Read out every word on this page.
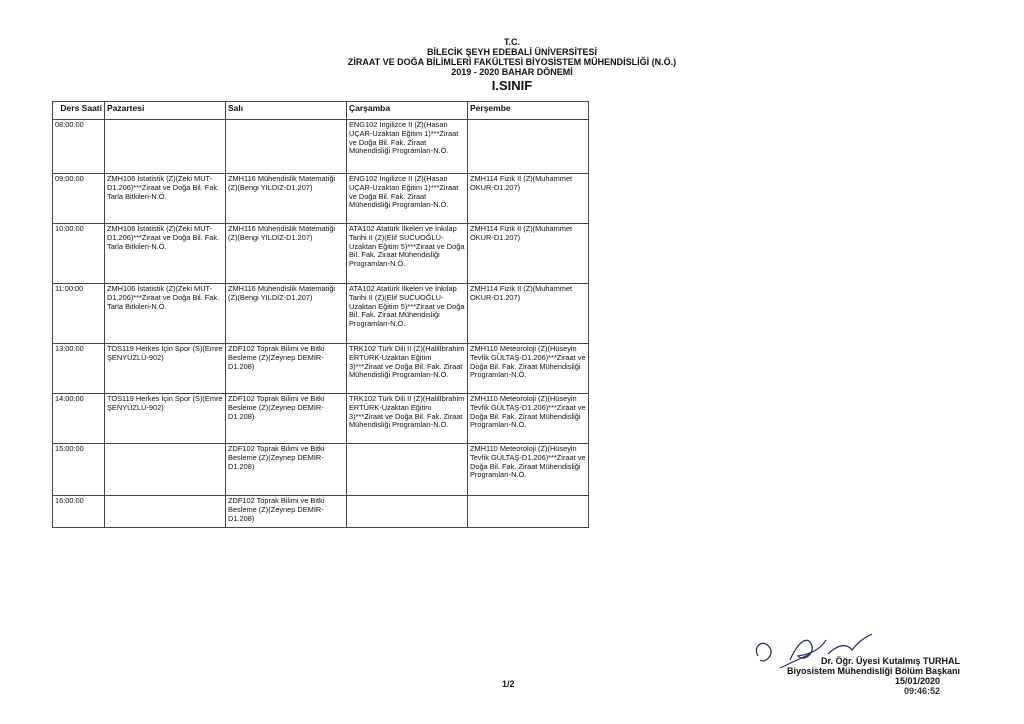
T.C.
BİLECİK ŞEYH EDEBALİ ÜNİVERSİTESİ
ZİRAAT VE DOĞA BİLİMLERİ FAKÜLTESİ BİYOSİSTEM MÜHENDİSLİĞİ (N.Ö.)
2019 - 2020 BAHAR DÖNEMİ
I.SINIF
Ders Saati	Pazartesi	Salı	Çarşamba	Perşembe
08:00:00			ENG102 İngilizce II (Z)(Hasan UÇAR-Uzaktan Eğitim 1)***Ziraat ve Doğa Bil. Fak. Ziraat Mühendisliği Programları-N.Ö.	
09:00:00	ZMH106 İstatistik (Z)(Zeki MUT-D1.206)***Ziraat ve Doğa Bil. Fak. Tarla Bitkileri-N.Ö.	ZMH116 Mühendislik Matematiği (Z)(Bengi YILDIZ-D1.207)	ENG102 İngilizce II (Z)(Hasan UÇAR-Uzaktan Eğitim 1)***Ziraat ve Doğa Bil. Fak. Ziraat Mühendisliği Programları-N.Ö.	ZMH114 Fizik II (Z)(Muhammet OKUR-D1.207)
10:00:00	ZMH106 İstatistik (Z)(Zeki MUT-D1.206)***Ziraat ve Doğa Bil. Fak. Tarla Bitkileri-N.Ö.	ZMH116 Mühendislik Matematiği (Z)(Bengi YILDIZ-D1.207)	ATA102 Atatürk İlkeleri ve İnkılap Tarihi II (Z)(Elif SUCUOĞLU-Uzaktan Eğitim 5)***Ziraat ve Doğa Bil. Fak. Ziraat Mühendisliği Programları-N.Ö.	ZMH114 Fizik II (Z)(Muhammet OKUR-D1.207)
11:00:00	ZMH106 İstatistik (Z)(Zeki MUT-D1.206)***Ziraat ve Doğa Bil. Fak. Tarla Bitkileri-N.Ö.	ZMH116 Mühendislik Matematiği (Z)(Bengi YILDIZ-D1.207)	ATA102 Atatürk İlkeleri ve İnkılap Tarihi II (Z)(Elif SUCUOĞLU-Uzaktan Eğitim 5)***Ziraat ve Doğa Bil. Fak. Ziraat Mühendisliği Programları-N.Ö.	ZMH114 Fizik II (Z)(Muhammet OKUR-D1.207)
13:00:00	TOS119 Herkes İçin Spor (S)(Emre ŞENYÜZLÜ-902)	ZDF102 Toprak Bilimi ve Bitki Besleme (Z)(Zeynep DEMİR-D1.208)	TRK102 Türk Dili II (Z)(Halilİbrahim ERTÜRK-Uzaktan Eğitim 3)***Ziraat ve Doğa Bil. Fak. Ziraat Mühendisliği Programları-N.Ö.	ZMH110 Meteoroloji (Z)(Hüseyin Tevfik GÜLTAŞ-D1.206)***Ziraat ve Doğa Bil. Fak. Ziraat Mühendisliği Programları-N.Ö.
14:00:00	TOS119 Herkes İçin Spor (S)(Emre ŞENYÜZLÜ-902)	ZDF102 Toprak Bilimi ve Bitki Besleme (Z)(Zeynep DEMİR-D1.208)	TRK102 Türk Dili II (Z)(Halilİbrahim ERTÜRK-Uzaktan Eğitim 3)***Ziraat ve Doğa Bil. Fak. Ziraat Mühendisliği Programları-N.Ö.	ZMH110 Meteoroloji (Z)(Hüseyin Tevfik GÜLTAŞ-D1.206)***Ziraat ve Doğa Bil. Fak. Ziraat Mühendisliği Programları-N.Ö.
15:00:00		ZDF102 Toprak Bilimi ve Bitki Besleme (Z)(Zeynep DEMİR-D1.208)		ZMH110 Meteoroloji (Z)(Hüseyin Tevfik GÜLTAŞ-D1.206)***Ziraat ve Doğa Bil. Fak. Ziraat Mühendisliği Programları-N.Ö.
16:00:00		ZDF102 Toprak Bilimi ve Bitki Besleme (Z)(Zeynep DEMİR-D1.208)		
1/2
Dr. Öğr. Üyesi Kutalmış TURHAL
Biyosistem Mühendisliği Bölüm Başkanı
15/01/2020
09:46:52
